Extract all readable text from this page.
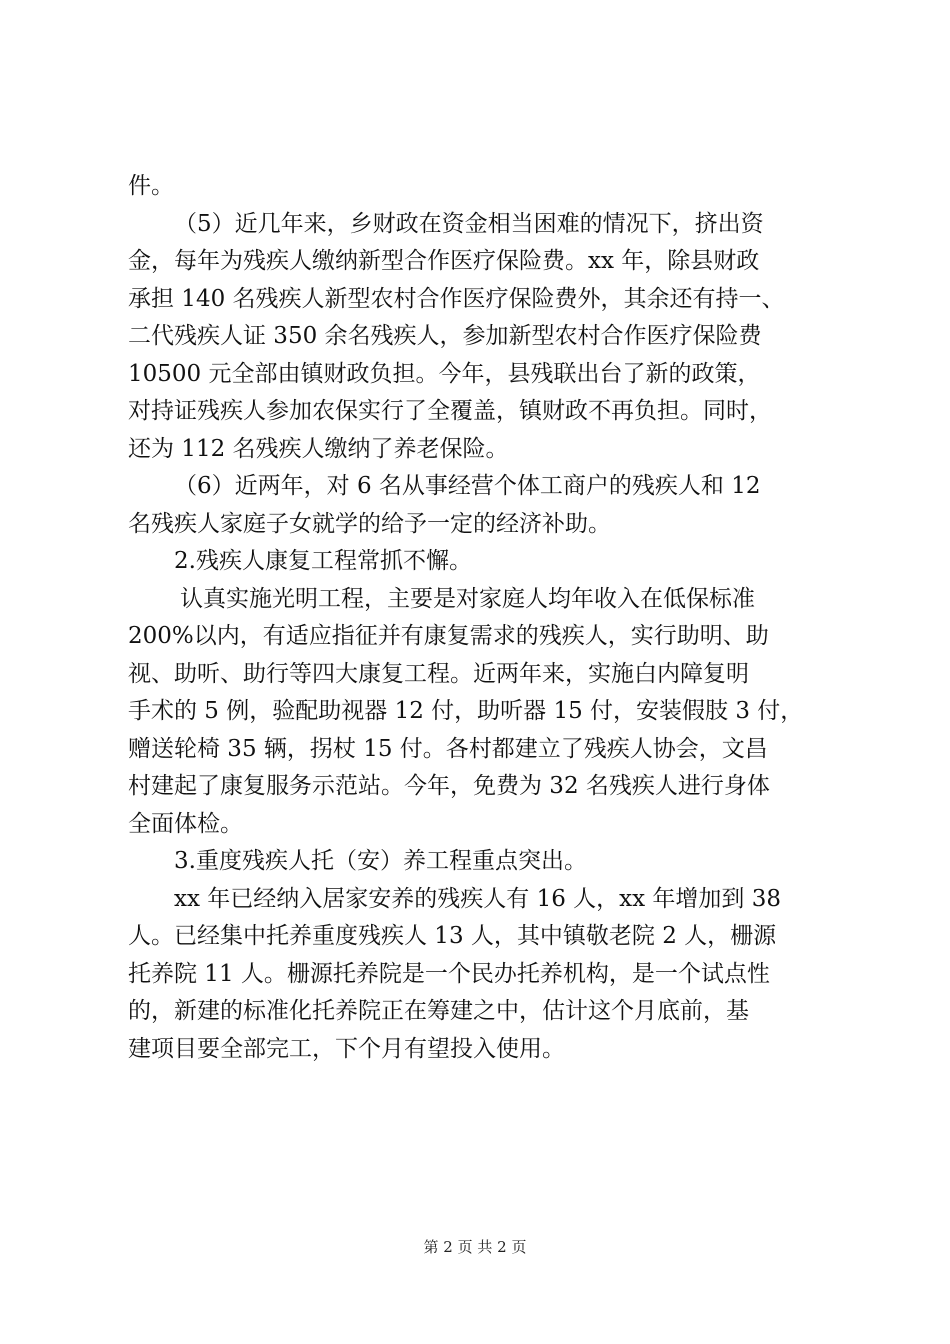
件。
（5）近几年来，乡财政在资金相当困难的情况下，挤出资
金，每年为残疾人缴纳新型合作医疗保险费。xx 年，除县财政
承担 140 名残疾人新型农村合作医疗保险费外，其余还有持一、
二代残疾人证 350 余名残疾人，参加新型农村合作医疗保险费
10500 元全部由镇财政负担。今年，县残联出台了新的政策，
对持证残疾人参加农保实行了全覆盖，镇财政不再负担。同时，
还为 112 名残疾人缴纳了养老保险。
（6）近两年，对 6 名从事经营个体工商户的残疾人和 12
名残疾人家庭子女就学的给予一定的经济补助。
2.残疾人康复工程常抓不懈。
认真实施光明工程，主要是对家庭人均年收入在低保标准
200%以内，有适应指征并有康复需求的残疾人，实行助明、助
视、助听、助行等四大康复工程。近两年来，实施白内障复明
手术的 5 例，验配助视器 12 付，助听器 15 付，安装假肢 3 付，
赠送轮椅 35 辆，拐杖 15 付。各村都建立了残疾人协会，文昌
村建起了康复服务示范站。今年，免费为 32 名残疾人进行身体
全面体检。
3.重度残疾人托（安）养工程重点突出。
xx 年已经纳入居家安养的残疾人有 16 人，xx 年增加到 38
人。已经集中托养重度残疾人 13 人，其中镇敬老院 2 人，栅源
托养院 11 人。栅源托养院是一个民办托养机构，是一个试点性
的，新建的标准化托养院正在筹建之中，估计这个月底前，基
建项目要全部完工，下个月有望投入使用。
第 2 页 共 2 页
